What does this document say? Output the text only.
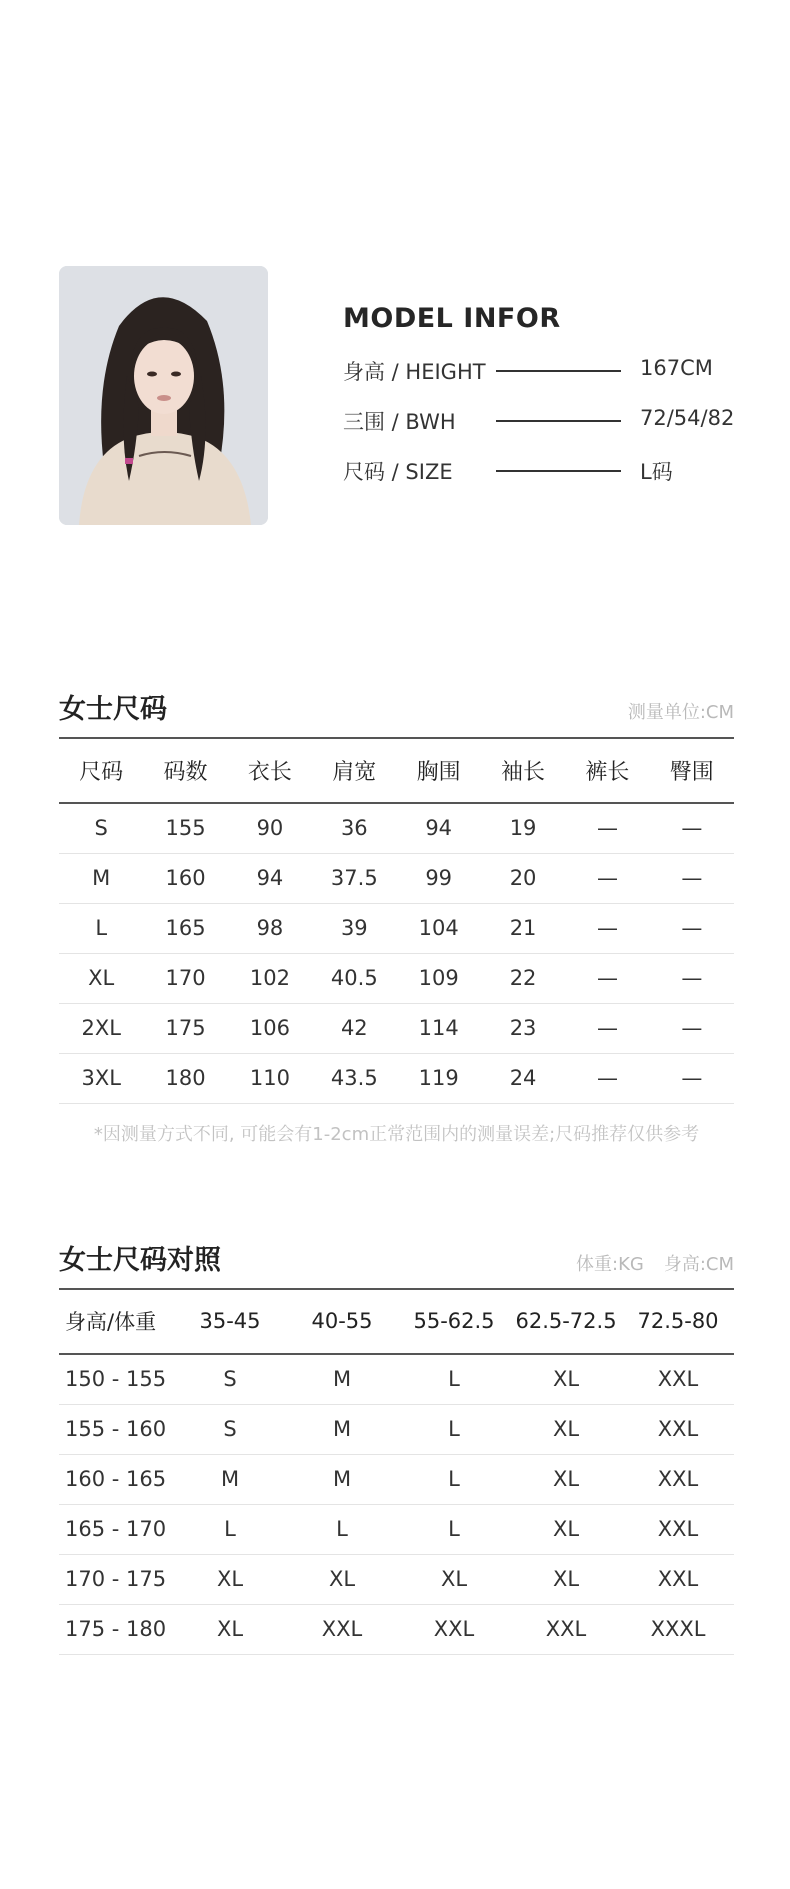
MODEL INFOR
身高 / HEIGHT	167CM
三围 / BWH	72/54/82
尺码 / SIZE	L码
女士尺码	测量单位:CM
尺码	码数	衣长	肩宽	胸围	袖长	裤长	臀围
S	155	90	36	94	19	—	—
M	160	94	37.5	99	20	—	—
L	165	98	39	104	21	—	—
XL	170	102	40.5	109	22	—	—
2XL	175	106	42	114	23	—	—
3XL	180	110	43.5	119	24	—	—
*因测量方式不同, 可能会有1-2cm正常范围内的测量误差;尺码推荐仅供参考
女士尺码对照	体重:KG 身高:CM
身高/体重	35-45	40-55	55-62.5 62.5-72.5 72.5-80
150 - 155	S	M	L	XL	XXL
155 - 160	S	M	L	XL	XXL
160 - 165	M	M	L	XL	XXL
165 - 170	L	L	L	XL	XXL
170 - 175	XL	XL	XL	XL	XXL
175 - 180	XL	XXL	XXL	XXL	XXXL
